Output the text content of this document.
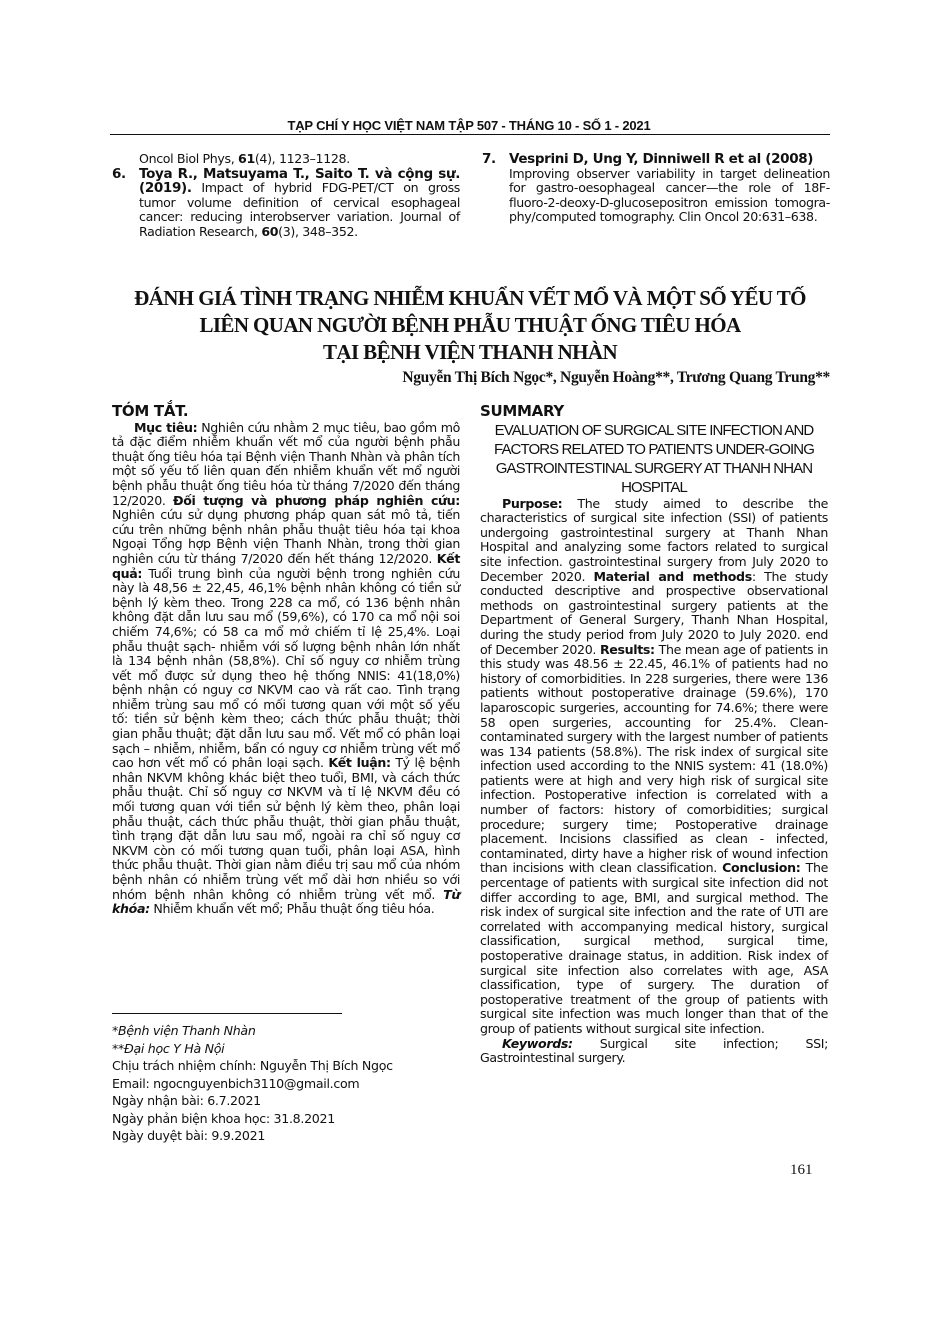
TẠP CHÍ Y HỌC VIỆT NAM TẬP 507 - THÁNG 10 - SỐ 1 - 2021
Oncol Biol Phys, 61(4), 1123–1128.
6. Toya R., Matsuyama T., Saito T. và cộng sự. (2019). Impact of hybrid FDG-PET/CT on gross tumor volume definition of cervical esophageal cancer: reducing interobserver variation. Journal of Radiation Research, 60(3), 348–352.
7. Vesprini D, Ung Y, Dinniwell R et al (2008)
Improving observer variability in target delineation for gastro-oesophageal cancer—the role of 18F-fluoro-2-deoxy-D-glucosepositron emission tomogra- phy/computed tomography. Clin Oncol 20:631–638.
ĐÁNH GIÁ TÌNH TRẠNG NHIỄM KHUẨN VẾT MỔ VÀ MỘT SỐ YẾU TỐ
LIÊN QUAN NGƯỜI BỆNH PHẪU THUẬT ỐNG TIÊU HÓA
TẠI BỆNH VIỆN THANH NHÀN
Nguyễn Thị Bích Ngọc*, Nguyễn Hoàng**, Trương Quang Trung**
TÓM TẮT.

Mục tiêu: Nghiên cứu nhằm 2 mục tiêu, bao gồm mô tả đặc điểm nhiễm khuẩn vết mổ của người bệnh phẫu thuật ống tiêu hóa tại Bệnh viện Thanh Nhàn và phân tích một số yếu tố liên quan đến nhiễm khuẩn vết mổ người bệnh phẫu thuật ống tiêu hóa từ tháng 7/2020 đến tháng 12/2020. Đối tượng và phương pháp nghiên cứu: Nghiên cứu sử dụng phương pháp quan sát mô tả, tiến cứu trên những bệnh nhân phẫu thuật tiêu hóa tại khoa Ngoại Tổng hợp Bệnh viện Thanh Nhàn, trong thời gian nghiên cứu từ tháng 7/2020 đến hết tháng 12/2020. Kết quả: Tuổi trung bình của người bệnh trong nghiên cứu này là 48,56 ± 22,45, 46,1% bệnh nhân không có tiền sử bệnh lý kèm theo. Trong 228 ca mổ, có 136 bệnh nhân không đặt dẫn lưu sau mổ (59,6%), có 170 ca mổ nội soi chiếm 74,6%; có 58 ca mổ mở chiếm tỉ lệ 25,4%. Loại phẫu thuật sạch- nhiễm với số lượng bệnh nhân lớn nhất là 134 bệnh nhân (58,8%). Chỉ số nguy cơ nhiễm trùng vết mổ được sử dụng theo hệ thống NNIS: 41(18,0%) bệnh nhận có nguy cơ NKVM cao và rất cao. Tình trạng nhiễm trùng sau mổ có mối tương quan với một số yếu tố: tiền sử bệnh kèm theo; cách thức phẫu thuật; thời gian phẫu thuật; đặt dẫn lưu sau mổ. Vết mổ có phân loại sạch – nhiễm, nhiễm, bẩn có nguy cơ nhiễm trùng vết mổ cao hơn vết mổ có phân loại sạch. Kết luận: Tỷ lệ bệnh nhân NKVM không khác biệt theo tuổi, BMI, và cách thức phẫu thuật. Chỉ số nguy cơ NKVM và tỉ lệ NKVM đều có mối tương quan với tiền sử bệnh lý kèm theo, phân loại phẫu thuật, cách thức phẫu thuật, thời gian phẫu thuật, tình trạng đặt dẫn lưu sau mổ, ngoài ra chỉ số nguy cơ NKVM còn có mối tương quan tuổi, phân loại ASA, hình thức phẫu thuật. Thời gian nằm điều trị sau mổ của nhóm bệnh nhân có nhiễm trùng vết mổ dài hơn nhiều so với nhóm bệnh nhân không có nhiễm trùng vết mổ. Từ khóa: Nhiễm khuẩn vết mổ; Phẫu thuật ống tiêu hóa.

*Bệnh viện Thanh Nhàn
**Đại học Y Hà Nội
Chịu trách nhiệm chính: Nguyễn Thị Bích Ngọc
Email: ngocnguyenbich3110@gmail.com
Ngày nhận bài: 6.7.2021
Ngày phản biện khoa học: 31.8.2021
Ngày duyệt bài: 9.9.2021
SUMMARY
EVALUATION OF SURGICAL SITE INFECTION AND FACTORS RELATED TO PATIENTS UNDER-GOING GASTROINTESTINAL SURGERY AT THANH NHAN HOSPITAL

Purpose: The study aimed to describe the characteristics of surgical site infection (SSI) of patients undergoing gastrointestinal surgery at Thanh Nhan Hospital and analyzing some factors related to surgical site infection. gastrointestinal surgery from July 2020 to December 2020. Material and methods: The study conducted descriptive and prospective observational methods on gastrointestinal surgery patients at the Department of General Surgery, Thanh Nhan Hospital, during the study period from July 2020 to July 2020. end of December 2020. Results: The mean age of patients in this study was 48.56 ± 22.45, 46.1% of patients had no history of comorbidities. In 228 surgeries, there were 136 patients without postoperative drainage (59.6%), 170 laparoscopic surgeries, accounting for 74.6%; there were 58 open surgeries, accounting for 25.4%. Clean-contaminated surgery with the largest number of patients was 134 patients (58.8%). The risk index of surgical site infection used according to the NNIS system: 41 (18.0%) patients were at high and very high risk of surgical site infection. Postoperative infection is correlated with a number of factors: history of comorbidities; surgical procedure; surgery time; Postoperative drainage placement. Incisions classified as clean - infected, contaminated, dirty have a higher risk of wound infection than incisions with clean classification. Conclusion: The percentage of patients with surgical site infection did not differ according to age, BMI, and surgical method. The risk index of surgical site infection and the rate of UTI are correlated with accompanying medical history, surgical classification, surgical method, surgical time, postoperative drainage status, in addition. Risk index of surgical site infection also correlates with age, ASA classification, type of surgery. The duration of postoperative treatment of the group of patients with surgical site infection was much longer than that of the group of patients without surgical site infection.

Keywords: Surgical site infection; SSI; Gastrointestinal surgery.

161
